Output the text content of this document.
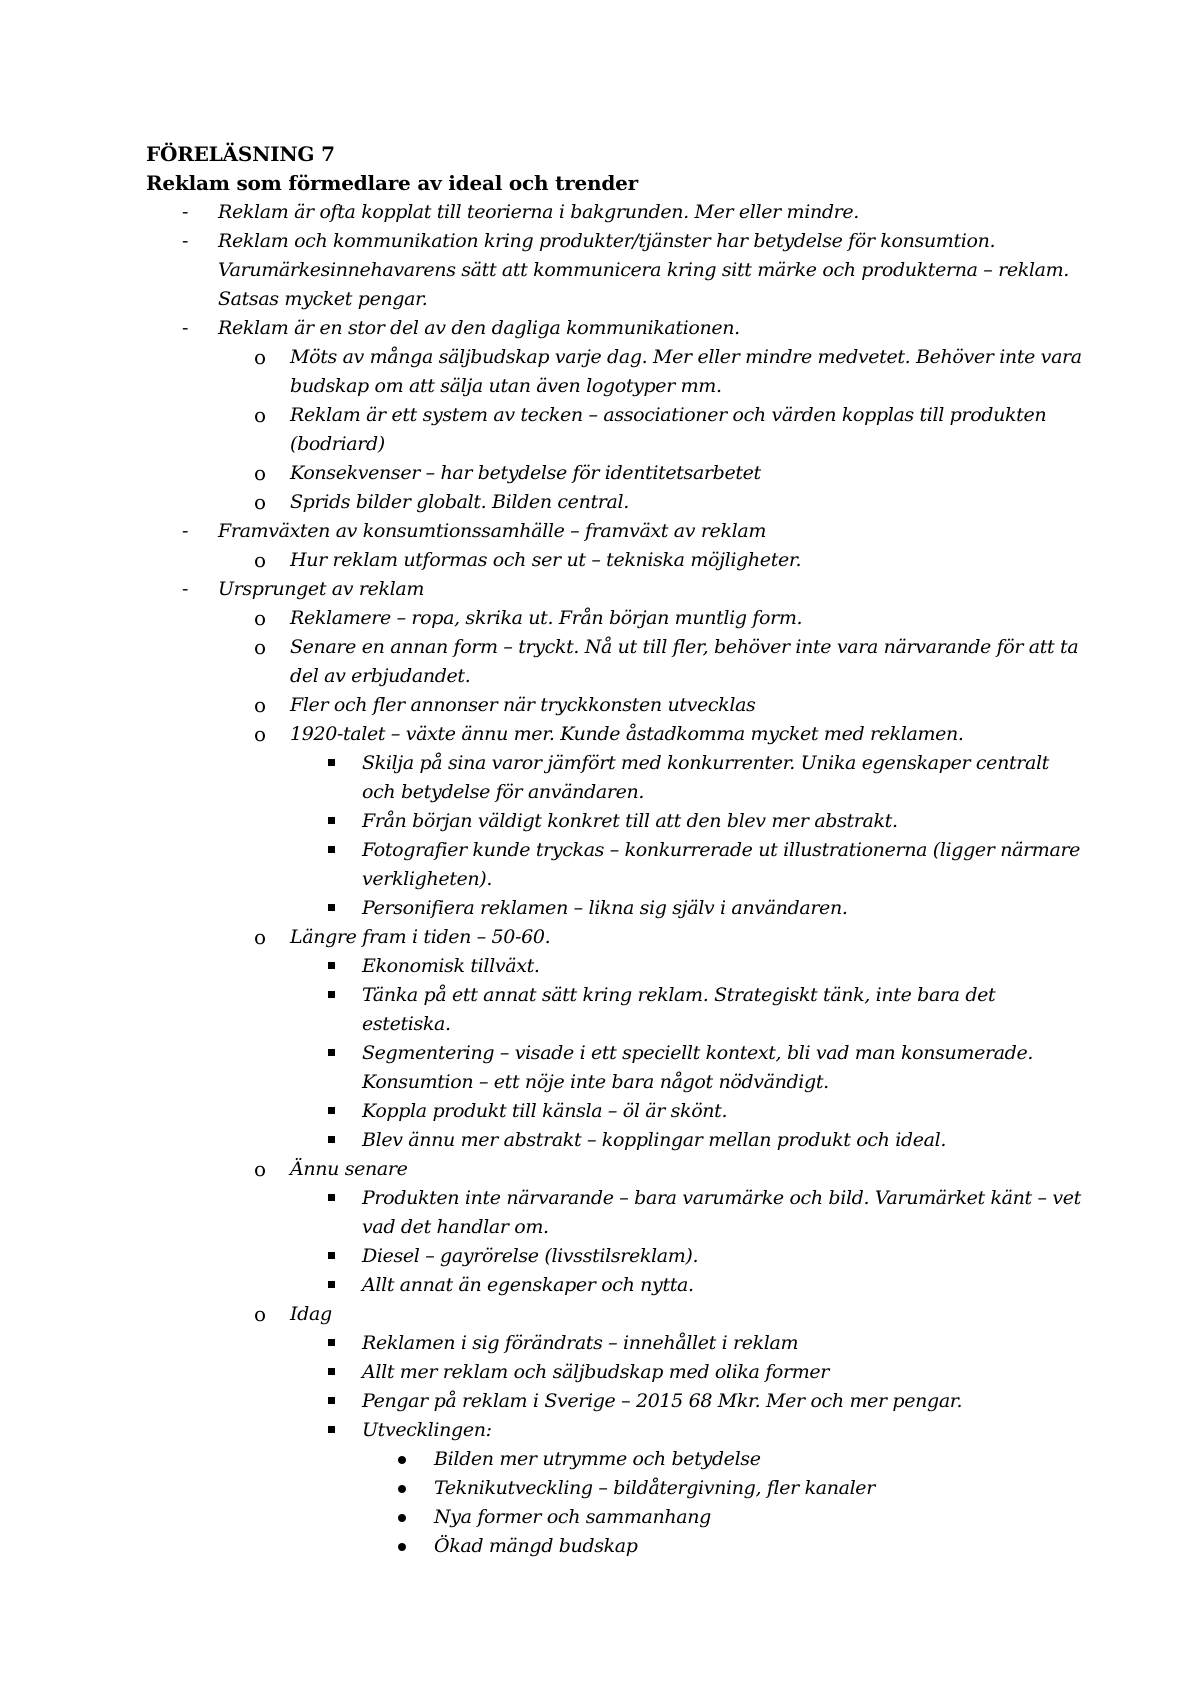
FÖRELÄSNING 7
Reklam som förmedlare av ideal och trender
- Reklam är ofta kopplat till teorierna i bakgrunden. Mer eller mindre.
- Reklam och kommunikation kring produkter/tjänster har betydelse för konsumtion. Varumärkesinnehavarens sätt att kommunicera kring sitt märke och produkterna – reklam. Satsas mycket pengar.
- Reklam är en stor del av den dagliga kommunikationen.
o Möts av många säljbudskap varje dag. Mer eller mindre medvetet. Behöver inte vara budskap om att sälja utan även logotyper mm.
o Reklam är ett system av tecken – associationer och värden kopplas till produkten (bodriard)
o Konsekvenser – har betydelse för identitetsarbetet
o Sprids bilder globalt. Bilden central.
- Framväxten av konsumtionssamhälle – framväxt av reklam
o Hur reklam utformas och ser ut – tekniska möjligheter.
- Ursprunget av reklam
o Reklamere – ropa, skrika ut. Från början muntlig form.
o Senare en annan form – tryckt. Nå ut till fler, behöver inte vara närvarande för att ta del av erbjudandet.
o Fler och fler annonser när tryckkonsten utvecklas
o 1920-talet – växte ännu mer. Kunde åstadkomma mycket med reklamen.
Skilja på sina varor jämfört med konkurrenter. Unika egenskaper centralt och betydelse för användaren.
Från början väldigt konkret till att den blev mer abstrakt.
Fotografier kunde tryckas – konkurrerade ut illustrationerna (ligger närmare verkligheten).
Personifiera reklamen – likna sig själv i användaren.
o Längre fram i tiden – 50-60.
Ekonomisk tillväxt.
Tänka på ett annat sätt kring reklam. Strategiskt tänk, inte bara det estetiska.
Segmentering – visade i ett speciellt kontext, bli vad man konsumerade. Konsumtion – ett nöje inte bara något nödvändigt.
Koppla produkt till känsla – öl är skönt.
Blev ännu mer abstrakt – kopplingar mellan produkt och ideal.
o Ännu senare
Produkten inte närvarande – bara varumärke och bild. Varumärket känt – vet vad det handlar om.
Diesel – gayrörelse (livsstilsreklam).
Allt annat än egenskaper och nytta.
o Idag
Reklamen i sig förändrats – innehållet i reklam
Allt mer reklam och säljbudskap med olika former
Pengar på reklam i Sverige – 2015 68 Mkr. Mer och mer pengar.
Utvecklingen:
Bilden mer utrymme och betydelse
Teknikutveckling – bildåtergivning, fler kanaler
Nya former och sammanhang
Ökad mängd budskap
